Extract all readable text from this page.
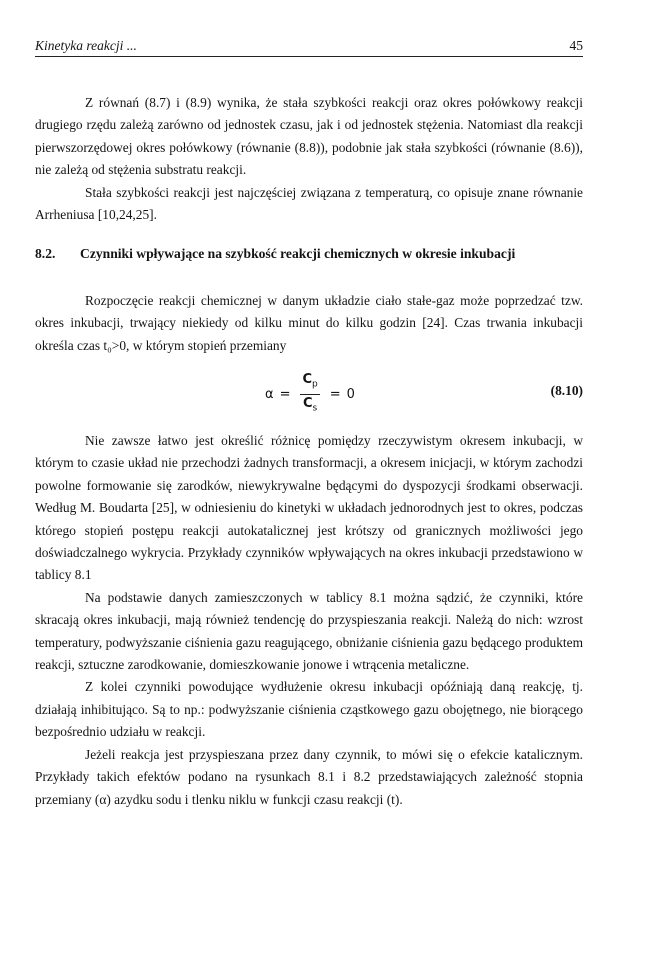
Kinetyka reakcji ...	45

Z równań (8.7) i (8.9) wynika, że stała szybkości reakcji oraz okres połówkowy reakcji drugiego rzędu zależą zarówno od jednostek czasu, jak i od jednostek stężenia. Natomiast dla reakcji pierwszorzędowej okres połówkowy (równanie (8.8)), podobnie jak stała szybkości (równanie (8.6)), nie zależą od stężenia substratu reakcji.

Stała szybkości reakcji jest najczęściej związana z temperaturą, co opisuje znane równanie Arrheniusa [10,24,25].

8.2. Czynniki wpływające na szybkość reakcji chemicznych w okresie inkubacji

Rozpoczęcie reakcji chemicznej w danym układzie ciało stałe-gaz może poprzedzać tzw. okres inkubacji, trwający niekiedy od kilku minut do kilku godzin [24]. Czas trwania inkubacji określa czas t₀>0, w którym stopień przemiany

$\alpha = \frac{C_p}{C_s} = 0$	(8.10)

Nie zawsze łatwo jest określić różnicę pomiędzy rzeczywistym okresem inkubacji, w którym to czasie układ nie przechodzi żadnych transformacji, a okresem inicjacji, w którym zachodzi powolne formowanie się zarodków, niewykrywalne będącymi do dyspozycji środkami obserwacji. Według M. Boudarta [25], w odniesieniu do kinetyki w układach jednorodnych jest to okres, podczas którego stopień postępu reakcji autokatalicznej jest krótszy od granicznych możliwości jego doświadczalnego wykrycia. Przykłady czynników wpływających na okres inkubacji przedstawiono w tablicy 8.1

Na podstawie danych zamieszczonych w tablicy 8.1 można sądzić, że czynniki, które skracają okres inkubacji, mają również tendencję do przyspieszania reakcji. Należą do nich: wzrost temperatury, podwyższanie ciśnienia gazu reagującego, obniżanie ciśnienia gazu będącego produktem reakcji, sztuczne zarodkowanie, domieszkowanie jonowe i wtrącenia metaliczne.

Z kolei czynniki powodujące wydłużenie okresu inkubacji opóźniają daną reakcję, tj. działają inhibitująco. Są to np.: podwyższanie ciśnienia cząstkowego gazu obojętnego, nie biorącego bezpośrednio udziału w reakcji.

Jeżeli reakcja jest przyspieszana przez dany czynnik, to mówi się o efekcie katalicznym. Przykłady takich efektów podano na rysunkach 8.1 i 8.2 przedstawiających zależność stopnia przemiany (α) azydku sodu i tlenku niklu w funkcji czasu reakcji (t).
